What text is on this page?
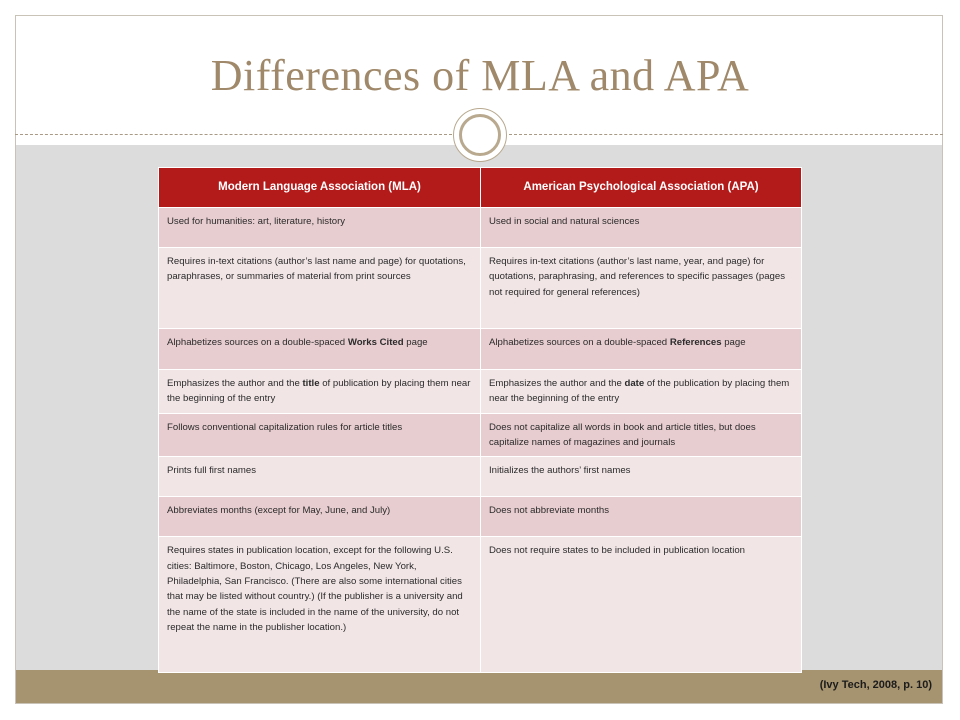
Differences of MLA and APA
(Ivy Tech, 2008, p. 10)
Modern Language Association (MLA)	American Psychological Association (APA)
Used for humanities: art, literature, history	Used in social and natural sciences
Requires in-text citations (author’s last name and page) for quotations, paraphrases, or summaries of material from print sources	Requires in-text citations (author’s last name, year, and page) for quotations, paraphrasing, and references to specific passages (pages not required for general references)
Alphabetizes sources on a double-spaced Works Cited page	Alphabetizes sources on a double-spaced References page
Emphasizes the author and the title of publication by placing them near the beginning of the entry	Emphasizes the author and the date of the publication by placing them near the beginning of the entry
Follows conventional capitalization rules for article titles	Does not capitalize all words in book and article titles, but does capitalize names of magazines and journals
Prints full first names	Initializes the authors’ first names
Abbreviates months (except for May, June, and July)	Does not abbreviate months
Requires states in publication location, except for the following U.S. cities: Baltimore, Boston, Chicago, Los Angeles, New York, Philadelphia, San Francisco. (There are also some international cities that may be listed without country.) (If the publisher is a university and the name of the state is included in the name of the university, do not repeat the name in the publisher location.)	Does not require states to be included in publication location
